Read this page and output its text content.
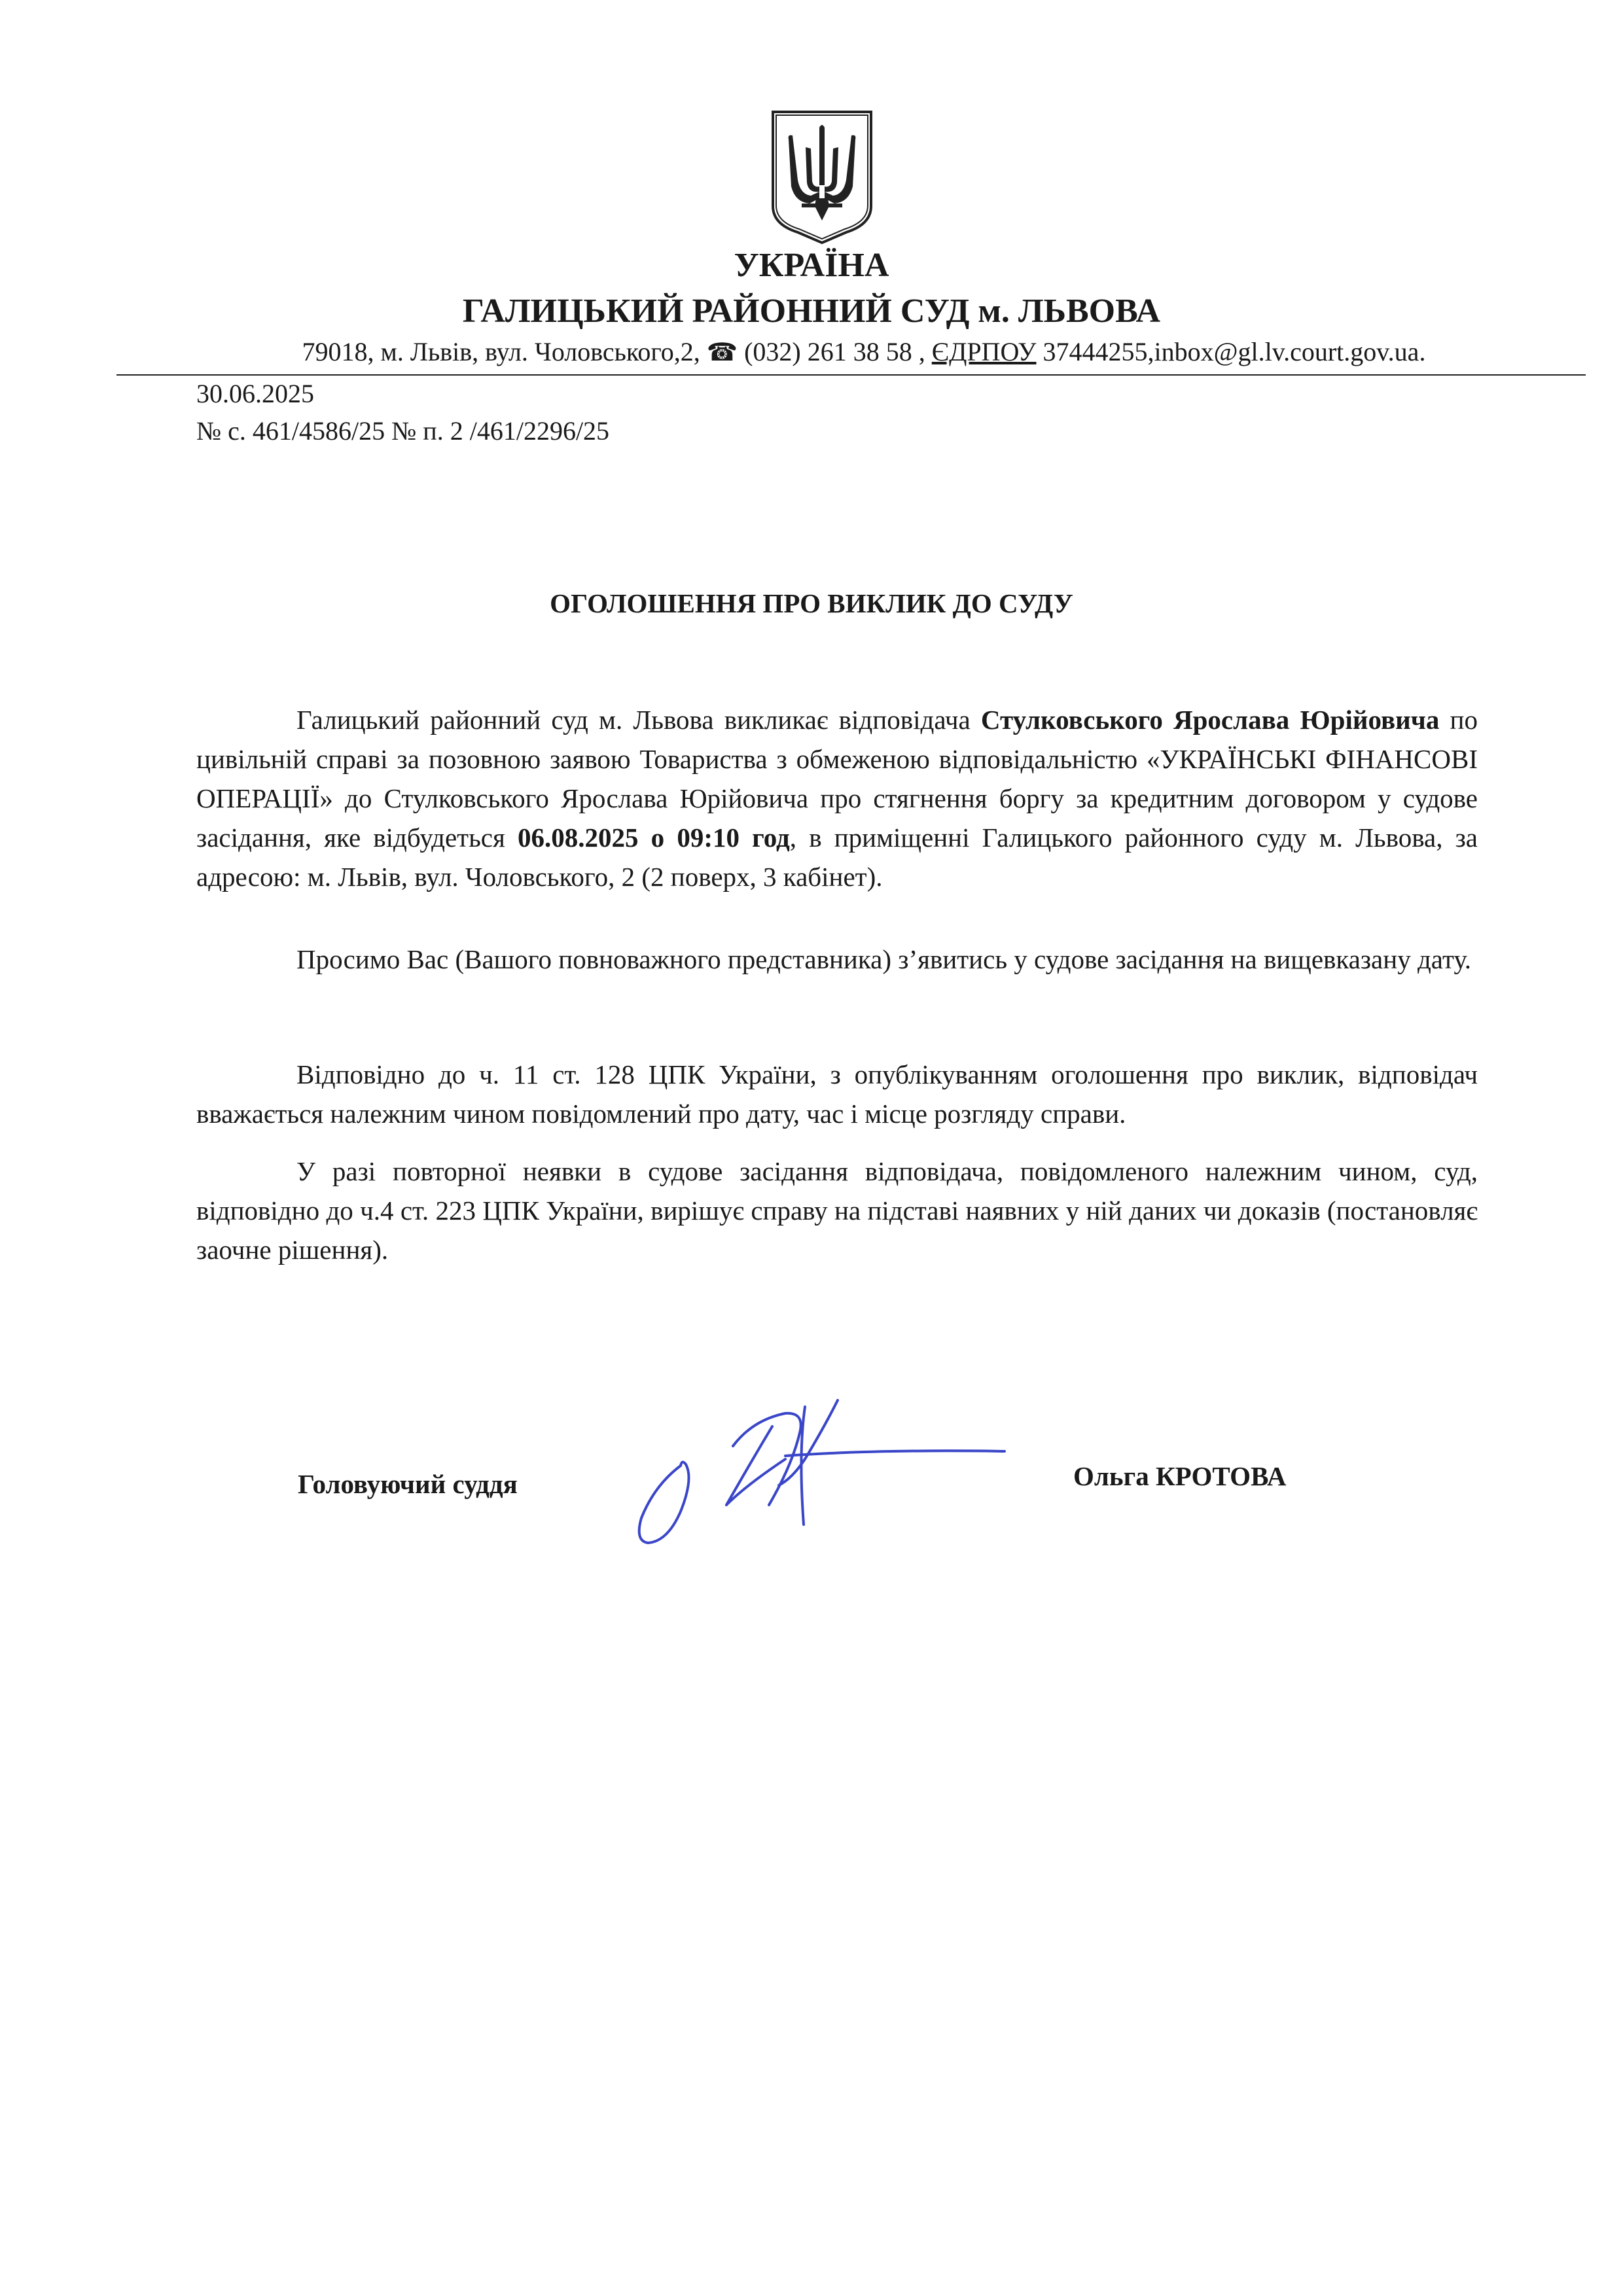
УКРАЇНА
ГАЛИЦЬКИЙ РАЙОННИЙ СУД м. ЛЬВОВА
79018, м. Львів, вул. Чоловського,2, ☎ (032) 261 38 58 , ЄДРПОУ 37444255,inbox@gl.lv.court.gov.ua.
30.06.2025
№ с. 461/4586/25 № п. 2 /461/2296/25
ОГОЛОШЕННЯ ПРО ВИКЛИК ДО СУДУ

Галицький районний суд м. Львова викликає відповідача Стулковського Ярослава Юрійовича по цивільній справі за позовною заявою Товариства з обмеженою відповідальністю «УКРАЇНСЬКІ ФІНАНСОВІ ОПЕРАЦІЇ» до Стулковського Ярослава Юрійовича про стягнення боргу за кредитним договором у судове засідання, яке відбудеться 06.08.2025 о 09:10 год, в приміщенні Галицького районного суду м. Львова, за адресою: м. Львів, вул. Чоловського, 2 (2 поверх, 3 кабінет).

Просимо Вас (Вашого повноважного представника) з’явитись у судове засідання на вищевказану дату.

Відповідно до ч. 11 ст. 128 ЦПК України, з опублікуванням оголошення про виклик, відповідач вважається належним чином повідомлений про дату, час і місце розгляду справи.

У разі повторної неявки в судове засідання відповідача, повідомленого належним чином, суд, відповідно до ч.4 ст. 223 ЦПК України, вирішує справу на підставі наявних у ній даних чи доказів (постановляє заочне рішення).

Головуючий суддя	Ольга КРОТОВА
